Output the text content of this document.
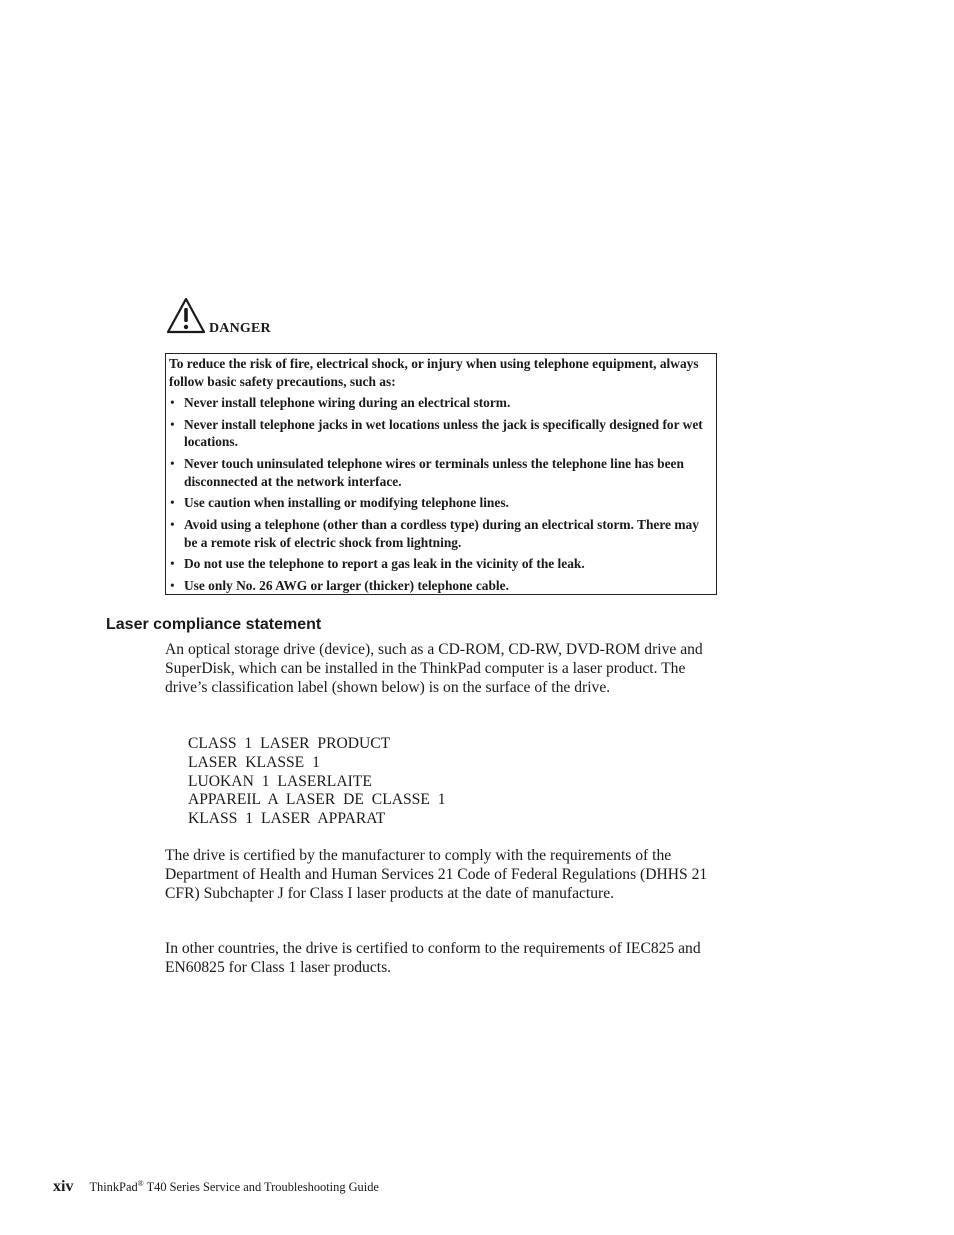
DANGER

To reduce the risk of fire, electrical shock, or injury when using telephone equipment, always follow basic safety precautions, such as:

• Never install telephone wiring during an electrical storm.
• Never install telephone jacks in wet locations unless the jack is specifically designed for wet locations.
• Never touch uninsulated telephone wires or terminals unless the telephone line has been disconnected at the network interface.
• Use caution when installing or modifying telephone lines.
• Avoid using a telephone (other than a cordless type) during an electrical storm. There may be a remote risk of electric shock from lightning.
• Do not use the telephone to report a gas leak in the vicinity of the leak.
• Use only No. 26 AWG or larger (thicker) telephone cable.
Laser compliance statement

An optical storage drive (device), such as a CD-ROM, CD-RW, DVD-ROM drive and SuperDisk, which can be installed in the ThinkPad computer is a laser product. The drive’s classification label (shown below) is on the surface of the drive.

CLASS 1 LASER PRODUCT
LASER KLASSE 1
LUOKAN 1 LASERLAITE
APPAREIL A LASER DE CLASSE 1
KLASS 1 LASER APPARAT

The drive is certified by the manufacturer to comply with the requirements of the Department of Health and Human Services 21 Code of Federal Regulations (DHHS 21 CFR) Subchapter J for Class I laser products at the date of manufacture.

In other countries, the drive is certified to conform to the requirements of IEC825 and EN60825 for Class 1 laser products.

xiv ThinkPad® T40 Series Service and Troubleshooting Guide
